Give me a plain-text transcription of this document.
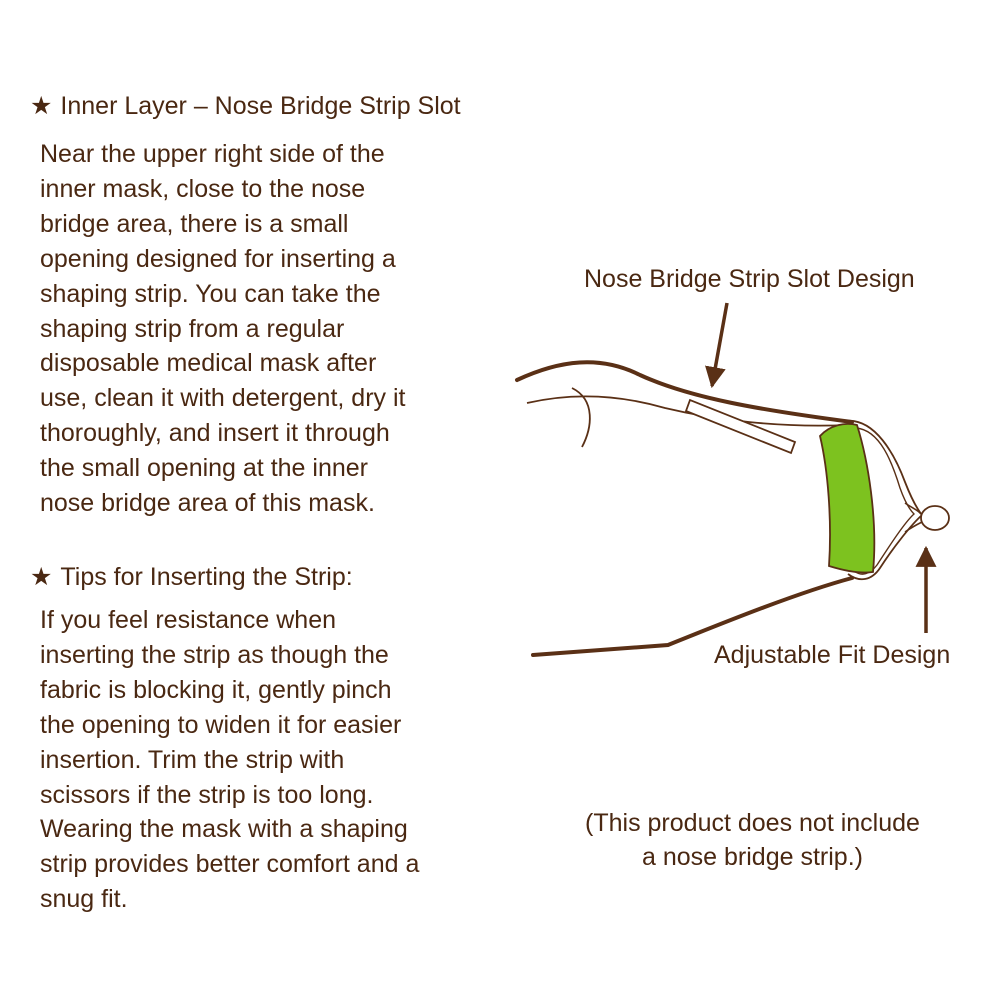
★ Inner Layer – Nose Bridge Strip Slot

Near the upper right side of the
inner mask, close to the nose
bridge area, there is a small
opening designed for inserting a
shaping strip. You can take the
shaping strip from a regular
disposable medical mask after
use, clean it with detergent, dry it
thoroughly, and insert it through
the small opening at the inner
nose bridge area of this mask.

★ Tips for Inserting the Strip:

If you feel resistance when
inserting the strip as though the
fabric is blocking it, gently pinch
the opening to widen it for easier
insertion. Trim the strip with
scissors if the strip is too long.
Wearing the mask with a shaping
strip provides better comfort and a
snug fit.

Nose Bridge Strip Slot Design
Adjustable Fit Design
(This product does not include
a nose bridge strip.)
